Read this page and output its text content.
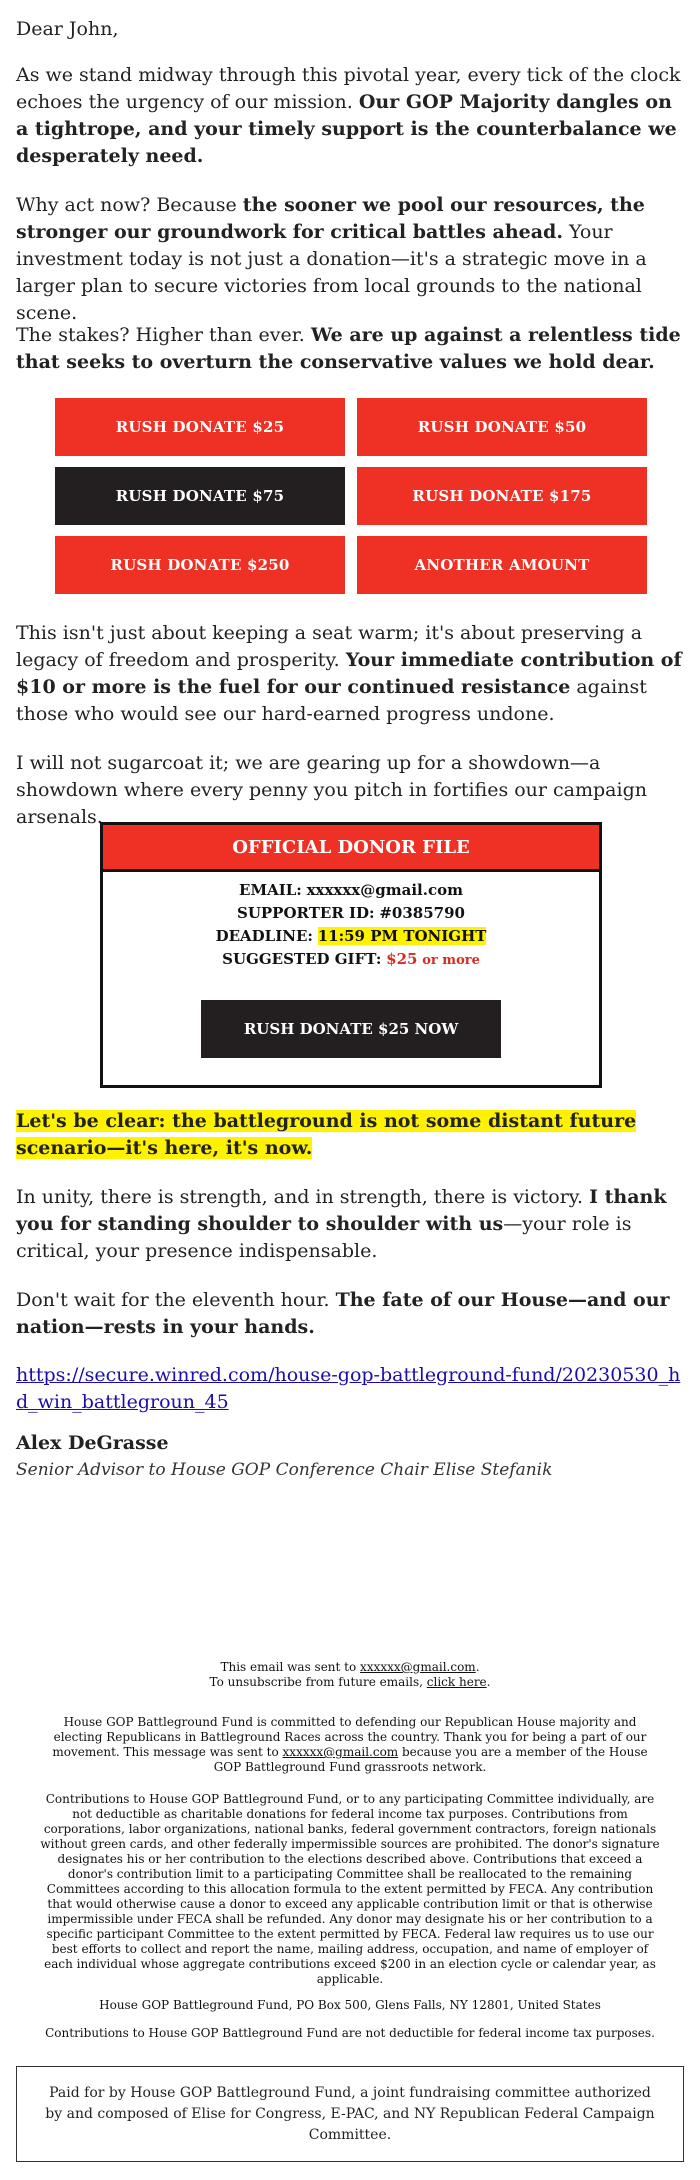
Dear John,

As we stand midway through this pivotal year, every tick of the clock echoes the urgency of our mission. Our GOP Majority dangles on a tightrope, and your timely support is the counterbalance we desperately need.

Why act now? Because the sooner we pool our resources, the stronger our groundwork for critical battles ahead. Your investment today is not just a donation—it's a strategic move in a larger plan to secure victories from local grounds to the national scene.

The stakes? Higher than ever. We are up against a relentless tide that seeks to overturn the conservative values we hold dear.

RUSH DONATE $25	RUSH DONATE $50
RUSH DONATE $75	RUSH DONATE $175
RUSH DONATE $250	ANOTHER AMOUNT

This isn't just about keeping a seat warm; it's about preserving a legacy of freedom and prosperity. Your immediate contribution of $10 or more is the fuel for our continued resistance against those who would see our hard-earned progress undone.

I will not sugarcoat it; we are gearing up for a showdown—a showdown where every penny you pitch in fortifies our campaign arsenals.

OFFICIAL DONOR FILE
EMAIL: xxxxxx@gmail.com
SUPPORTER ID: #0385790
DEADLINE: 11:59 PM TONIGHT
SUGGESTED GIFT: $25 or more
RUSH DONATE $25 NOW

Let's be clear: the battleground is not some distant future scenario—it's here, it's now.

In unity, there is strength, and in strength, there is victory. I thank you for standing shoulder to shoulder with us—your role is critical, your presence indispensable.

Don't wait for the eleventh hour. The fate of our House—and our nation—rests in your hands.

https://secure.winred.com/house-gop-battleground-fund/20230530_hd_win_battlegroun_45
Alex DeGrasse
Senior Advisor to House GOP Conference Chair Elise Stefanik
This email was sent to xxxxxx@gmail.com.
To unsubscribe from future emails, click here.
House GOP Battleground Fund is committed to defending our Republican House majority and electing Republicans in Battleground Races across the country. Thank you for being a part of our movement. This message was sent to xxxxxx@gmail.com because you are a member of the House GOP Battleground Fund grassroots network.
Contributions to House GOP Battleground Fund, or to any participating Committee individually, are not deductible as charitable donations for federal income tax purposes. Contributions from corporations, labor organizations, national banks, federal government contractors, foreign nationals without green cards, and other federally impermissible sources are prohibited. The donor's signature designates his or her contribution to the elections described above. Contributions that exceed a donor's contribution limit to a participating Committee shall be reallocated to the remaining Committees according to this allocation formula to the extent permitted by FECA. Any contribution that would otherwise cause a donor to exceed any applicable contribution limit or that is otherwise impermissible under FECA shall be refunded. Any donor may designate his or her contribution to a specific participant Committee to the extent permitted by FECA. Federal law requires us to use our best efforts to collect and report the name, mailing address, occupation, and name of employer of each individual whose aggregate contributions exceed $200 in an election cycle or calendar year, as applicable.
House GOP Battleground Fund, PO Box 500, Glens Falls, NY 12801, United States
Contributions to House GOP Battleground Fund are not deductible for federal income tax purposes.
Paid for by House GOP Battleground Fund, a joint fundraising committee authorized by and composed of Elise for Congress, E-PAC, and NY Republican Federal Campaign Committee.
